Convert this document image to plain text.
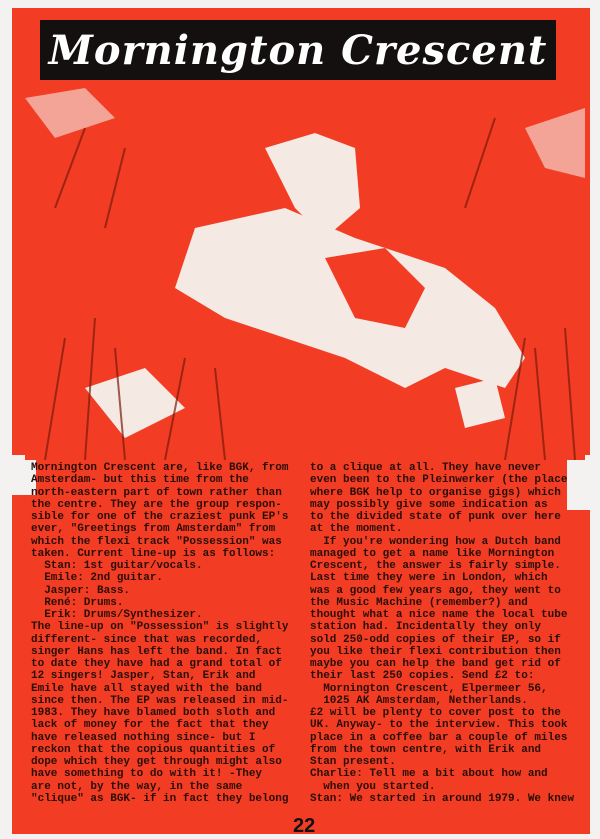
Mornington Crescent
Mornington Crescent are, like BGK, from
Amsterdam- but this time from the
north-eastern part of town rather than
the centre. They are the group respon-
sible for one of the craziest punk EP's
ever, "Greetings from Amsterdam" from
which the flexi track "Possession" was
taken. Current line-up is as follows:
Stan: 1st guitar/vocals.
Emile: 2nd guitar.
Jasper: Bass.
René: Drums.
Erik: Drums/Synthesizer.
The line-up on "Possession" is slightly
different- since that was recorded,
singer Hans has left the band. In fact
to date they have had a grand total of
12 singers! Jasper, Stan, Erik and
Emile have all stayed with the band
since then. The EP was released in mid-
1983. They have blamed both sloth and
lack of money for the fact that they
have released nothing since- but I
reckon that the copious quantities of
dope which they get through might also
have something to do with it! -They
are not, by the way, in the same
"clique" as BGK- if in fact they belong
to a clique at all. They have never
even been to the Pleinwerker (the place
where BGK help to organise gigs) which
may possibly give some indication as
to the divided state of punk over here
at the moment.
If you're wondering how a Dutch band
managed to get a name like Mornington
Crescent, the answer is fairly simple.
Last time they were in London, which
was a good few years ago, they went to
the Music Machine (remember?) and
thought what a nice name the local tube
station had. Incidentally they only
sold 250-odd copies of their EP, so if
you like their flexi contribution then
maybe you can help the band get rid of
their last 250 copies. Send £2 to:
Mornington Crescent, Elpermeer 56,
1025 AK Amsterdam, Netherlands.
£2 will be plenty to cover post to the
UK. Anyway- to the interview. This took
place in a coffee bar a couple of miles
from the town centre, with Erik and
Stan present.
Charlie: Tell me a bit about how and
when you started.
Stan: We started in around 1979. We knew
22
